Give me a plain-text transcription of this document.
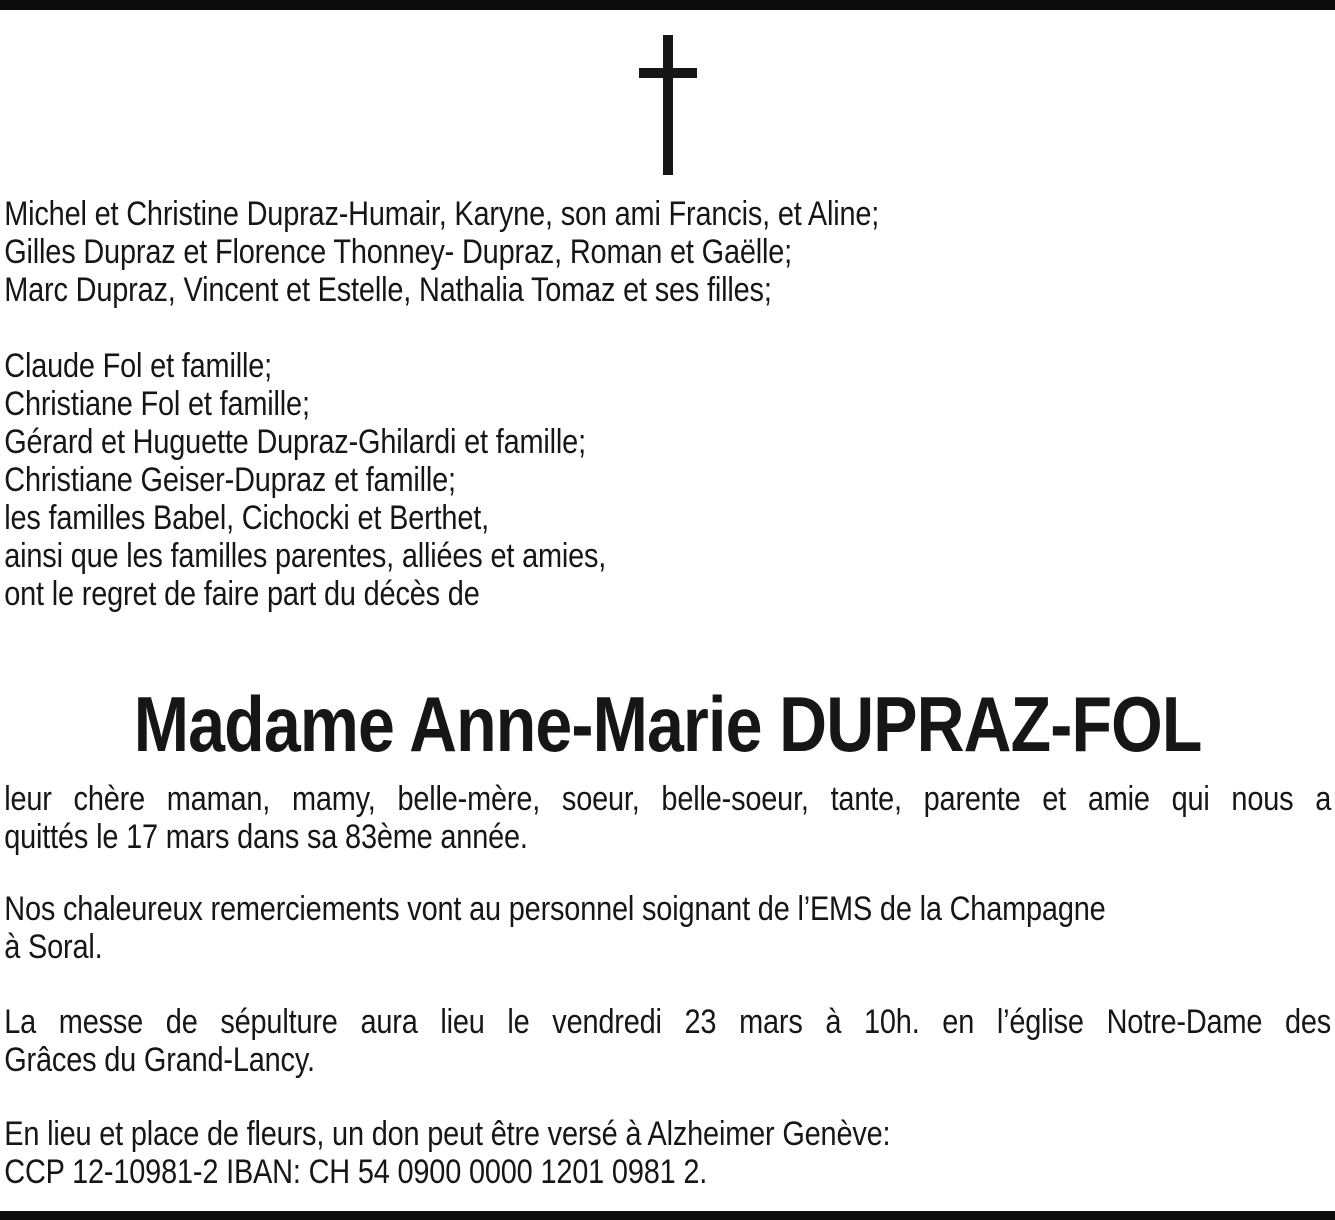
Michel et Christine Dupraz-Humair, Karyne, son ami Francis, et Aline;
Gilles Dupraz et Florence Thonney- Dupraz, Roman et Gaëlle;
Marc Dupraz, Vincent et Estelle, Nathalia Tomaz et ses filles;
Claude Fol et famille;
Christiane Fol et famille;
Gérard et Huguette Dupraz-Ghilardi et famille;
Christiane Geiser-Dupraz et famille;
les familles Babel, Cichocki et Berthet,
ainsi que les familles parentes, alliées et amies,
ont le regret de faire part du décès de
Madame Anne-Marie DUPRAZ-FOL
leur chère maman, mamy, belle-mère, soeur, belle-soeur, tante, parente et amie qui nous a
quittés le 17 mars dans sa 83ème année.
Nos chaleureux remerciements vont au personnel soignant de l’EMS de la Champagne
à Soral.
La messe de sépulture aura lieu le vendredi 23 mars à 10h. en l’église Notre-Dame des
Grâces du Grand-Lancy.
En lieu et place de fleurs, un don peut être versé à Alzheimer Genève:
CCP 12-10981-2 IBAN: CH 54 0900 0000 1201 0981 2.
